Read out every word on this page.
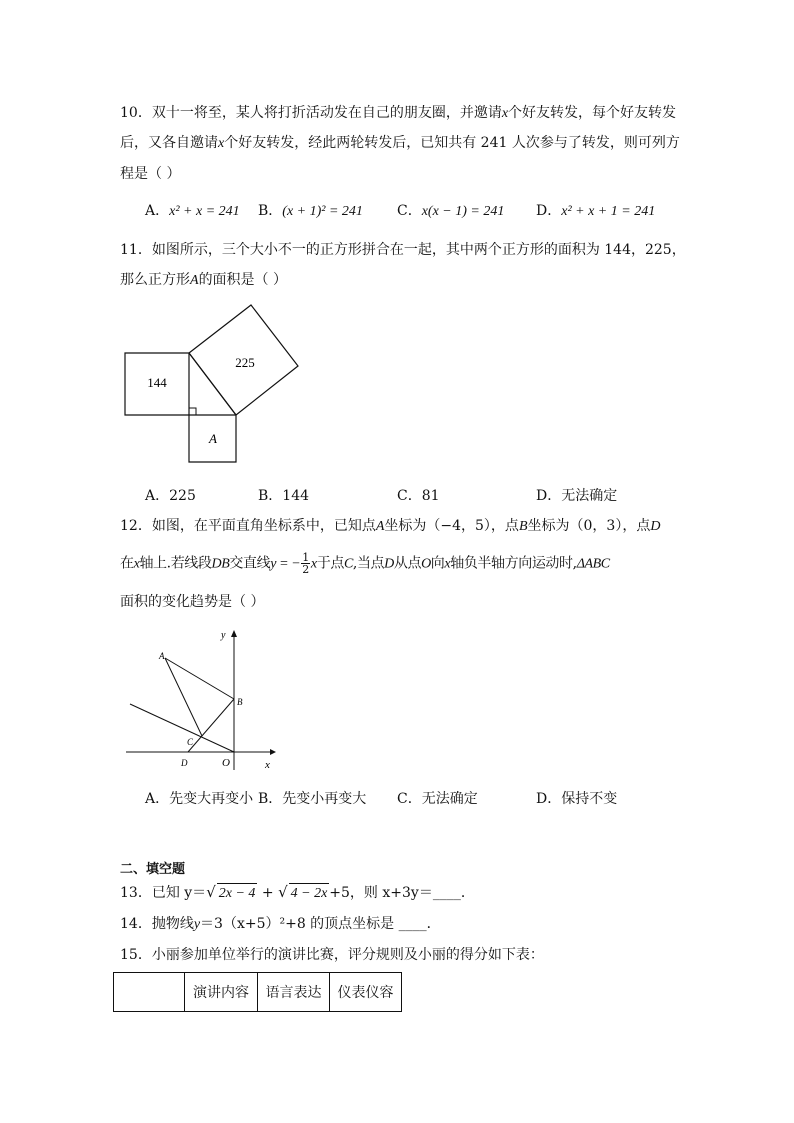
10．双十一将至，某人将打折活动发在自己的朋友圈，并邀请x个好友转发，每个好友转发
后，又各自邀请x个好友转发，经此两轮转发后，已知共有 241 人次参与了转发，则可列方
程是（ ）
A．x² + x = 241 B．(x + 1)² = 241 C．x(x − 1) = 241 D．x² + x + 1 = 241
11．如图所示，三个大小不一的正方形拼合在一起，其中两个正方形的面积为 144，225，
那么正方形A的面积是（ ）
144
225
A
A．225	B．144	C．81	D．无法确定
12．如图，在平面直角坐标系中，已知点A坐标为（−4，5），点B坐标为（0，3），点D
在x轴上.若线段DB交直线y = − $\frac{1}{2}$ x于点C,当点D从点O向x轴负半轴方向运动时,ΔABC
面积的变化趋势是（ ）
A
B
C
D	O	x
y
A．先变大再变小 B．先变小再变大 C．无法确定	D．保持不变
二、填空题
13．已知 y＝√ 2x − 4 + √ 4 − 2x +5，则 x+3y＝____．
14．抛物线y＝3（x+5）²+8 的顶点坐标是 ____．
15．小丽参加单位举行的演讲比赛，评分规则及小丽的得分如下表：
	演讲内容	语言表达	仪表仪容
